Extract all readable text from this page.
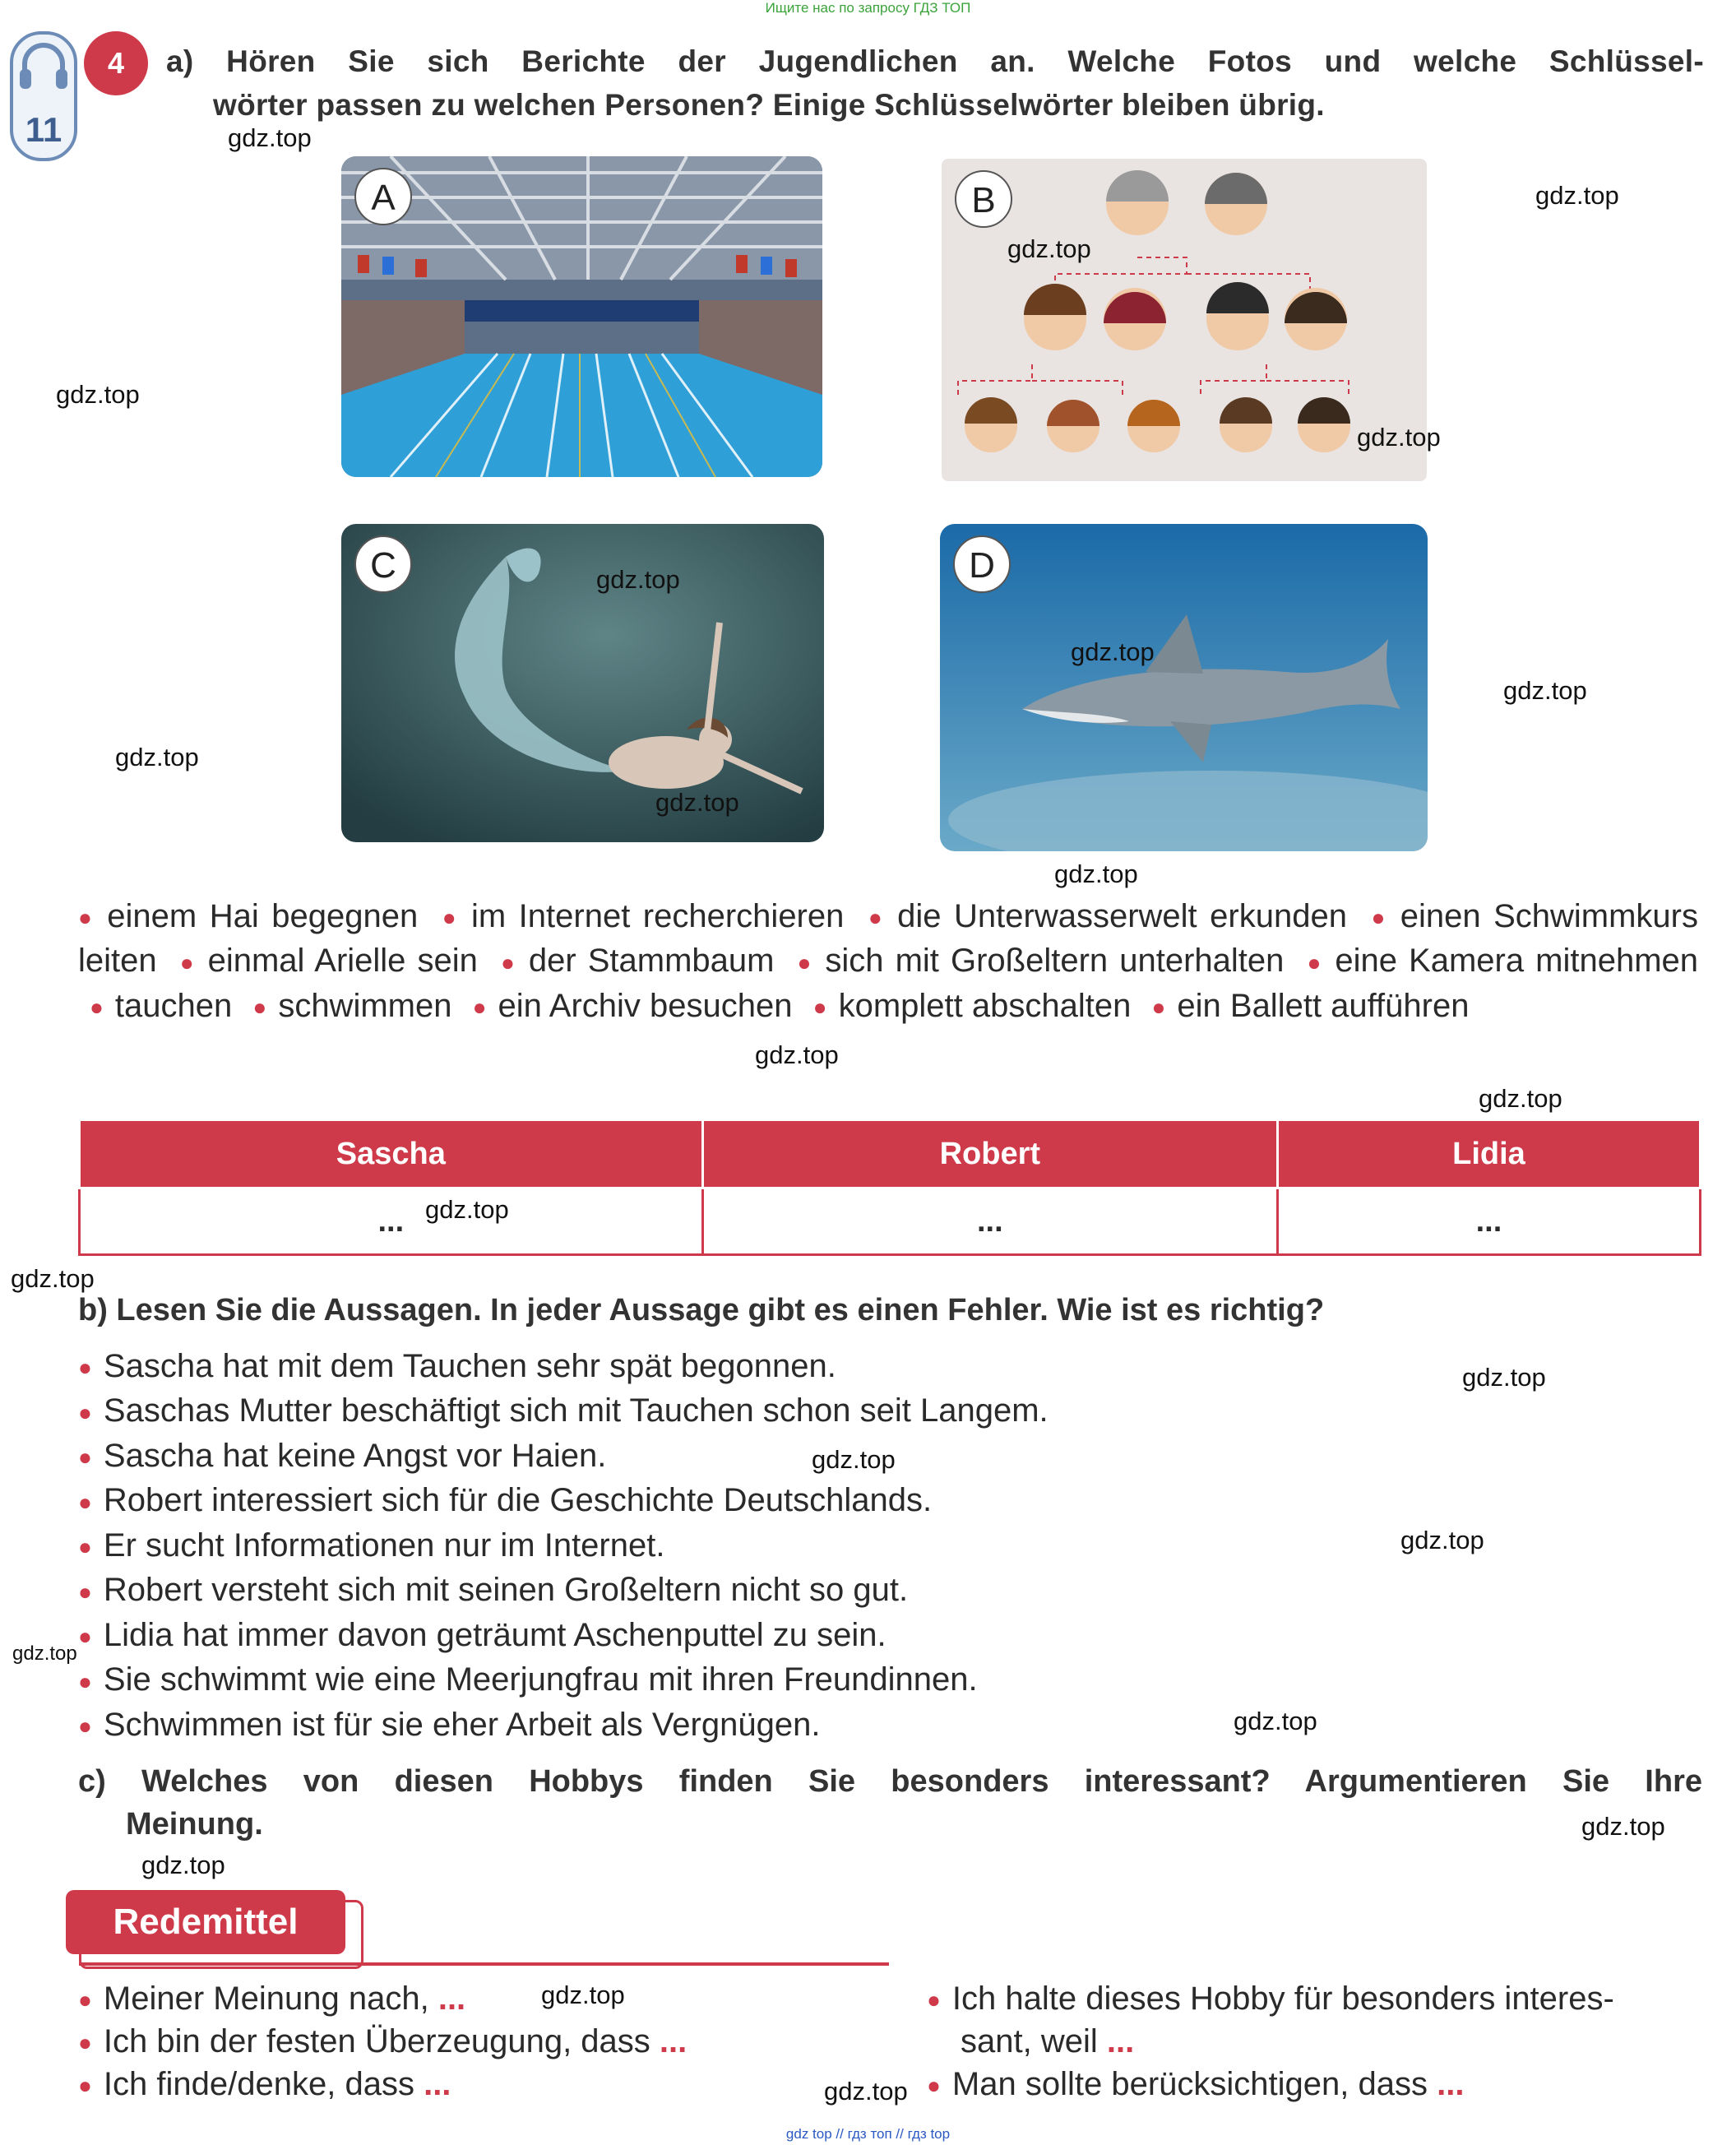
Ищите нас по запросу ГДЗ ТОП
gdz top // гдз топ // гдз top
11
4	a) Hören Sie sich Berichte der Jugendlichen an. Welche Fotos und welche Schlüssel-
wörter passen zu welchen Personen? Einige Schlüsselwörter bleiben übrig.
A	B
C	D
● einem Hai begegnen ● im Internet recherchieren ● die Unterwasserwelt erkunden ● einen Schwimmkurs leiten ● einmal Arielle sein ● der Stammbaum ● sich mit Großeltern unterhalten ● eine Kamera mitnehmen ● tauchen ● schwimmen ● ein Archiv besuchen ● komplett abschalten ● ein Ballett aufführen
Sascha	Robert	Lidia
...	...	...
b) Lesen Sie die Aussagen. In jeder Aussage gibt es einen Fehler. Wie ist es richtig?
● Sascha hat mit dem Tauchen sehr spät begonnen.
● Saschas Mutter beschäftigt sich mit Tauchen schon seit Langem.
● Sascha hat keine Angst vor Haien.
● Robert interessiert sich für die Geschichte Deutschlands.
● Er sucht Informationen nur im Internet.
● Robert versteht sich mit seinen Großeltern nicht so gut.
● Lidia hat immer davon geträumt Aschenputtel zu sein.
● Sie schwimmt wie eine Meerjungfrau mit ihren Freundinnen.
● Schwimmen ist für sie eher Arbeit als Vergnügen.
c) Welches von diesen Hobbys finden Sie besonders interessant? Argumentieren Sie Ihre
Meinung.
Redemittel
● Meiner Meinung nach, ...
● Ich bin der festen Überzeugung, dass ...
● Ich finde/denke, dass ...
● Ich halte dieses Hobby für besonders interes-
sant, weil ...
● Man sollte berücksichtigen, dass ...
gdz.top
gdz.top
gdz.top
gdz.top
gdz.top
gdz.top
gdz.top
gdz.top
gdz.top
gdz.top
gdz.top
gdz.top
gdz.top
gdz.top
gdz.top
gdz.top
gdz.top
gdz.top
gdz.top
gdz.top
gdz.top
gdz.top
gdz.top
gdz.top
